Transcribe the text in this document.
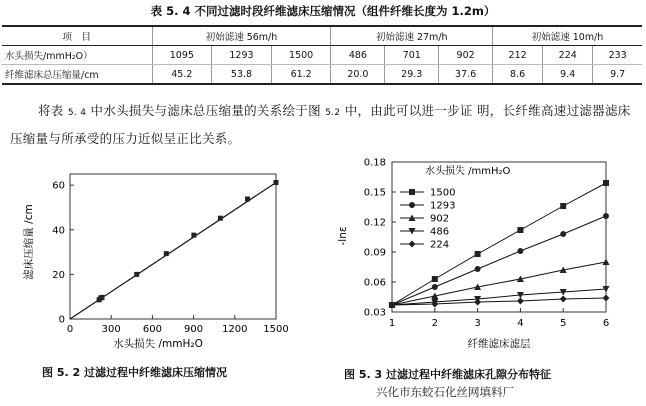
表 5. 4 不同过滤时段纤维滤床压缩情况（组件纤维长度为 1.2m）
项　目	初始滤速 56m/h			初始滤速 27m/h			初始滤速 10m/h		
水头损失/mmH₂O）	1095	1293	1500	486	701	902	212	224	233
纤维滤床总压缩量/cm	45.2	53.8	61.2	20.0	29.3	37.6	8.6	9.4	9.7
将表 5. 4 中水头损失与滤床总压缩量的关系绘于图 5.2 中，由此可以进一步证 明，长纤维高速过滤器滤床压缩量与所承受的压力近似呈正比关系。
0	300 600 900 1200 1500
0
20
40
60
水头损失 /mmH₂O
滤床压缩量 /cm
1	2	3	4	5	6
0.03
0.06
0.09
0.12
0.15
0.18
1500
1293
902
486
224
纤维滤床滤层
-lnε
水头损失 /mmH₂O
图 5. 2 过滤过程中纤维滤床压缩情况	图 5. 3 过滤过程中纤维滤床孔隙分布特征
兴化市东蛟石化丝网填料厂
